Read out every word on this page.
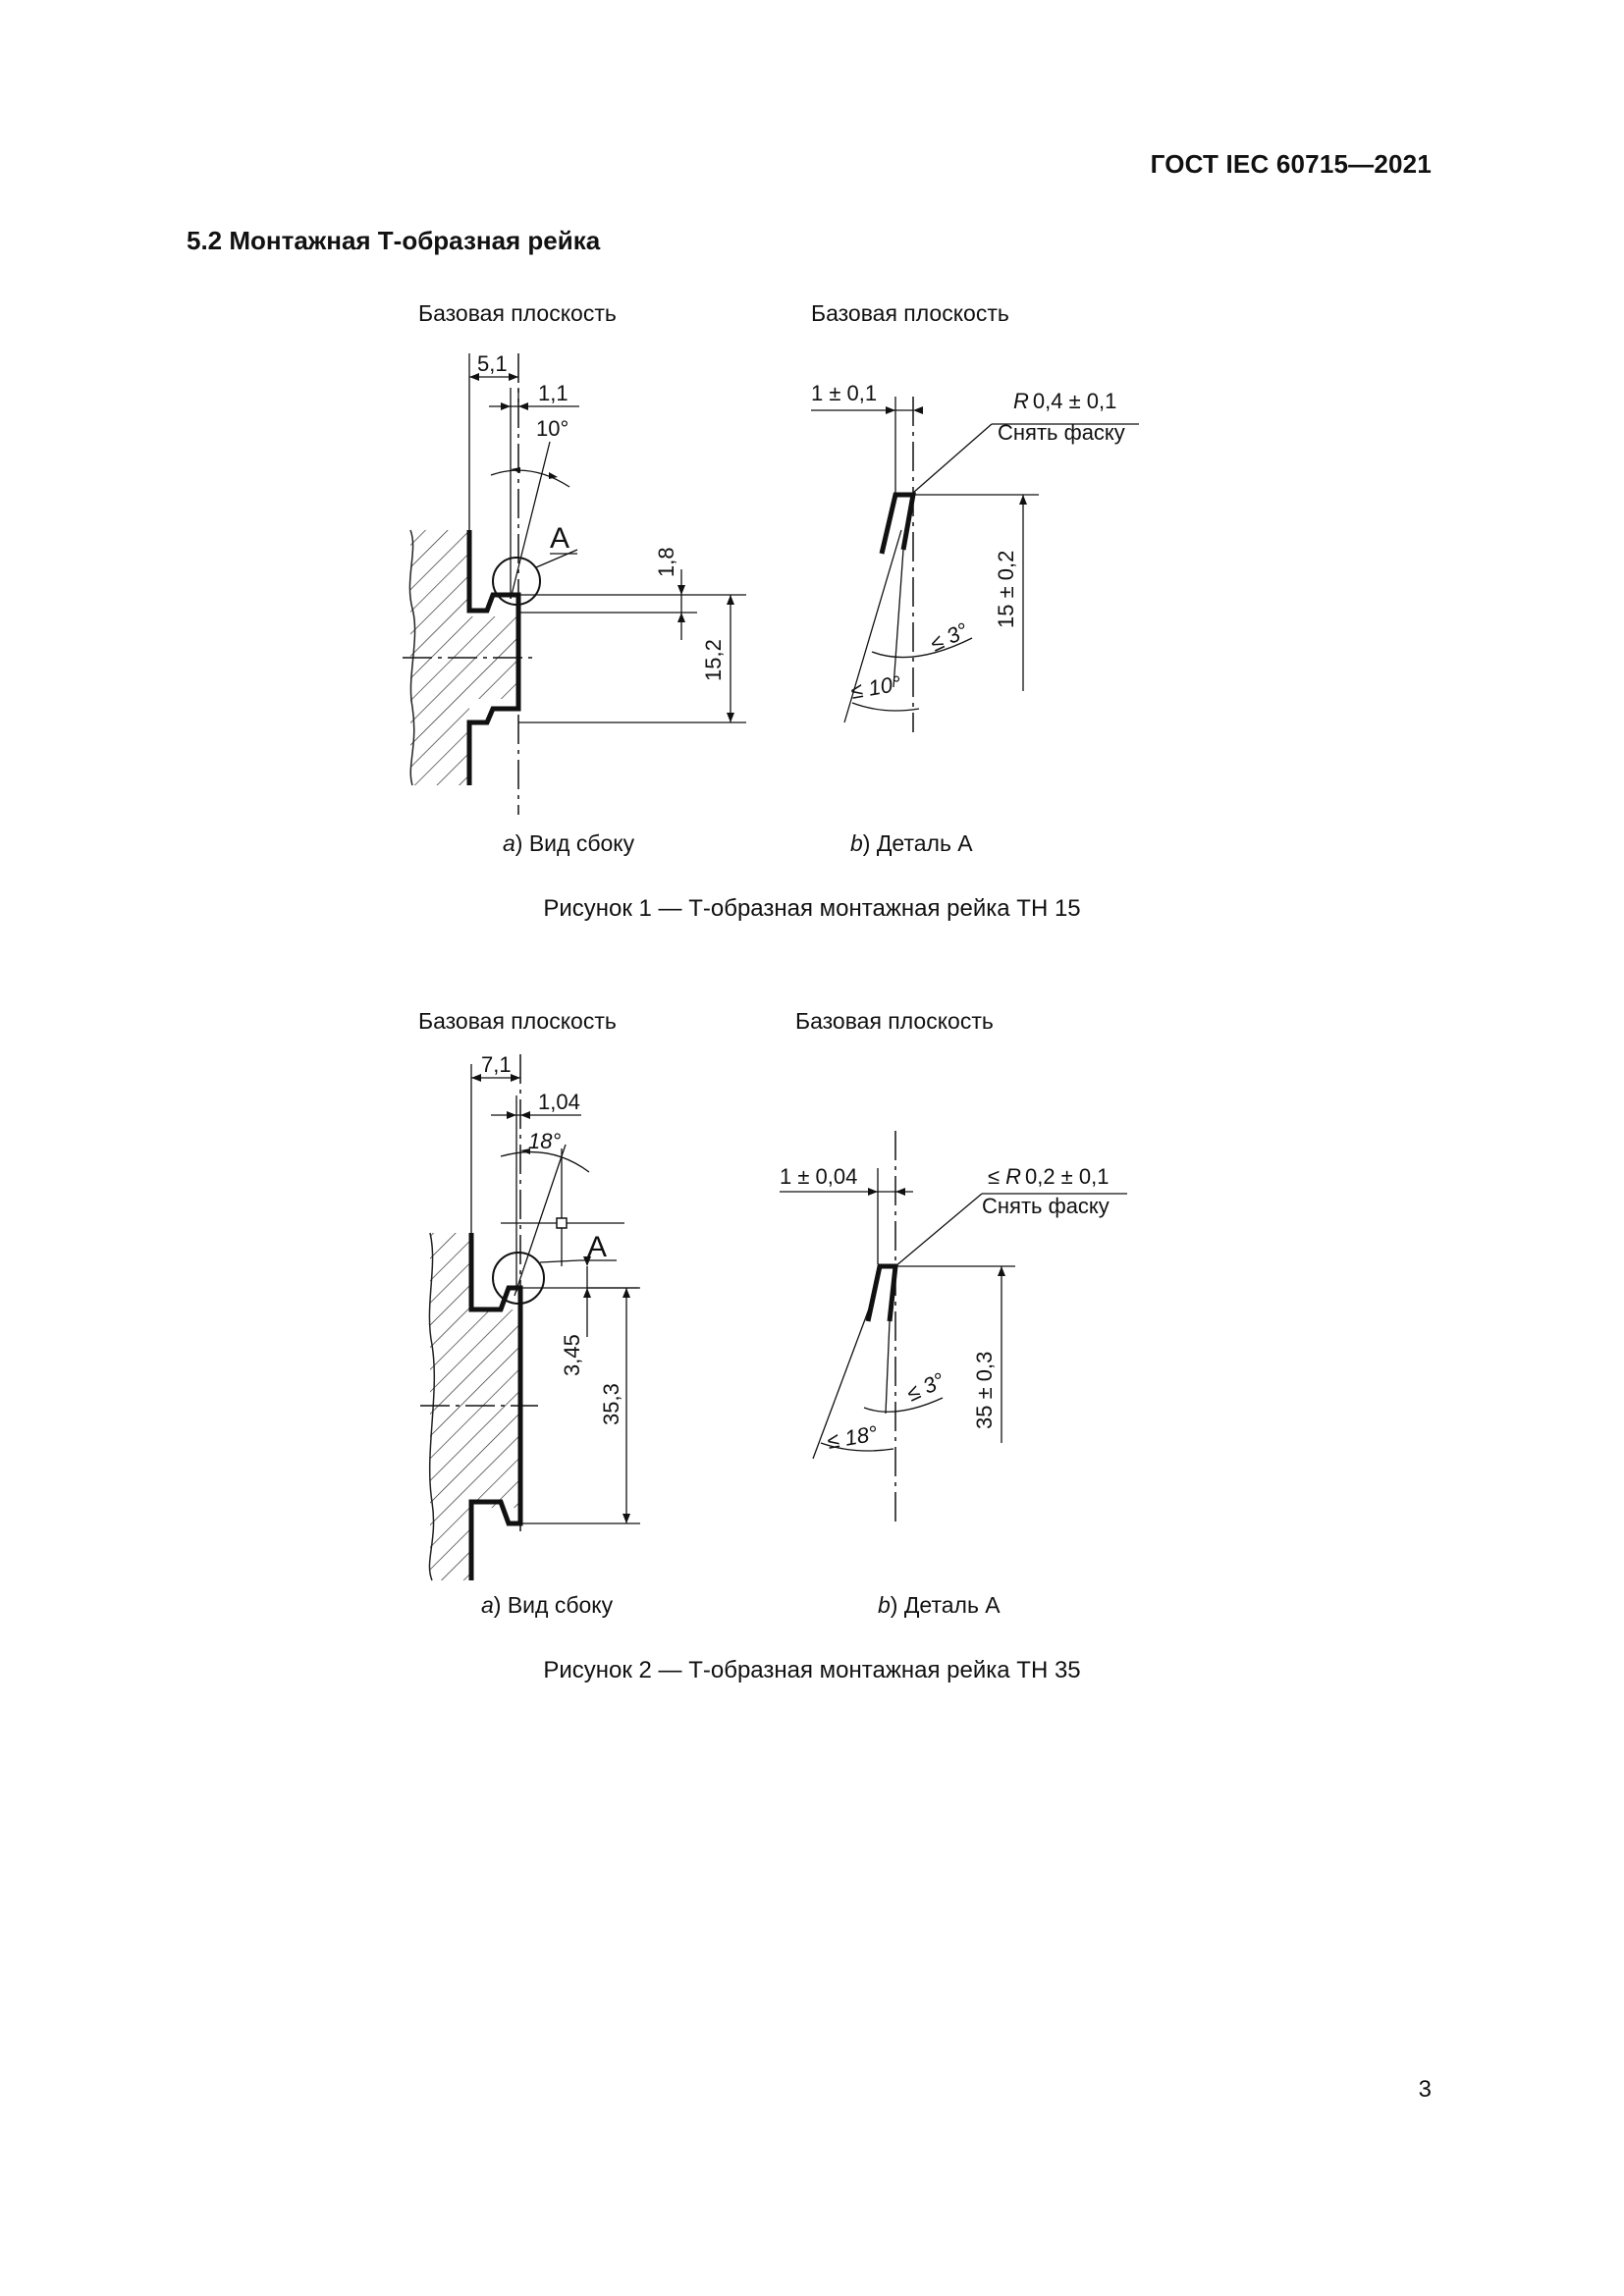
ГОСТ IEC 60715—2021
5.2 Монтажная Т-образная рейка
Базовая плоскость	Базовая плоскость
5,1
1,1
10°
A
1,8
15,2
1 ± 0,1	R 0,4 ± 0,1
Снять фаску
15 ± 0,2
≤ 3°
≤ 10°
a) Вид сбоку	b) Деталь А
Рисунок 1 — Т-образная монтажная рейка ТН 15
Базовая плоскость	Базовая плоскость
7,1
1,04
18°
A
3,45
35,3
1 ± 0,04	≤ R 0,2 ± 0,1
Снять фаску
35 ± 0,3
≤ 3°
≤ 18°
a) Вид сбоку	b) Деталь А
Рисунок 2 — Т-образная монтажная рейка ТН 35
3
